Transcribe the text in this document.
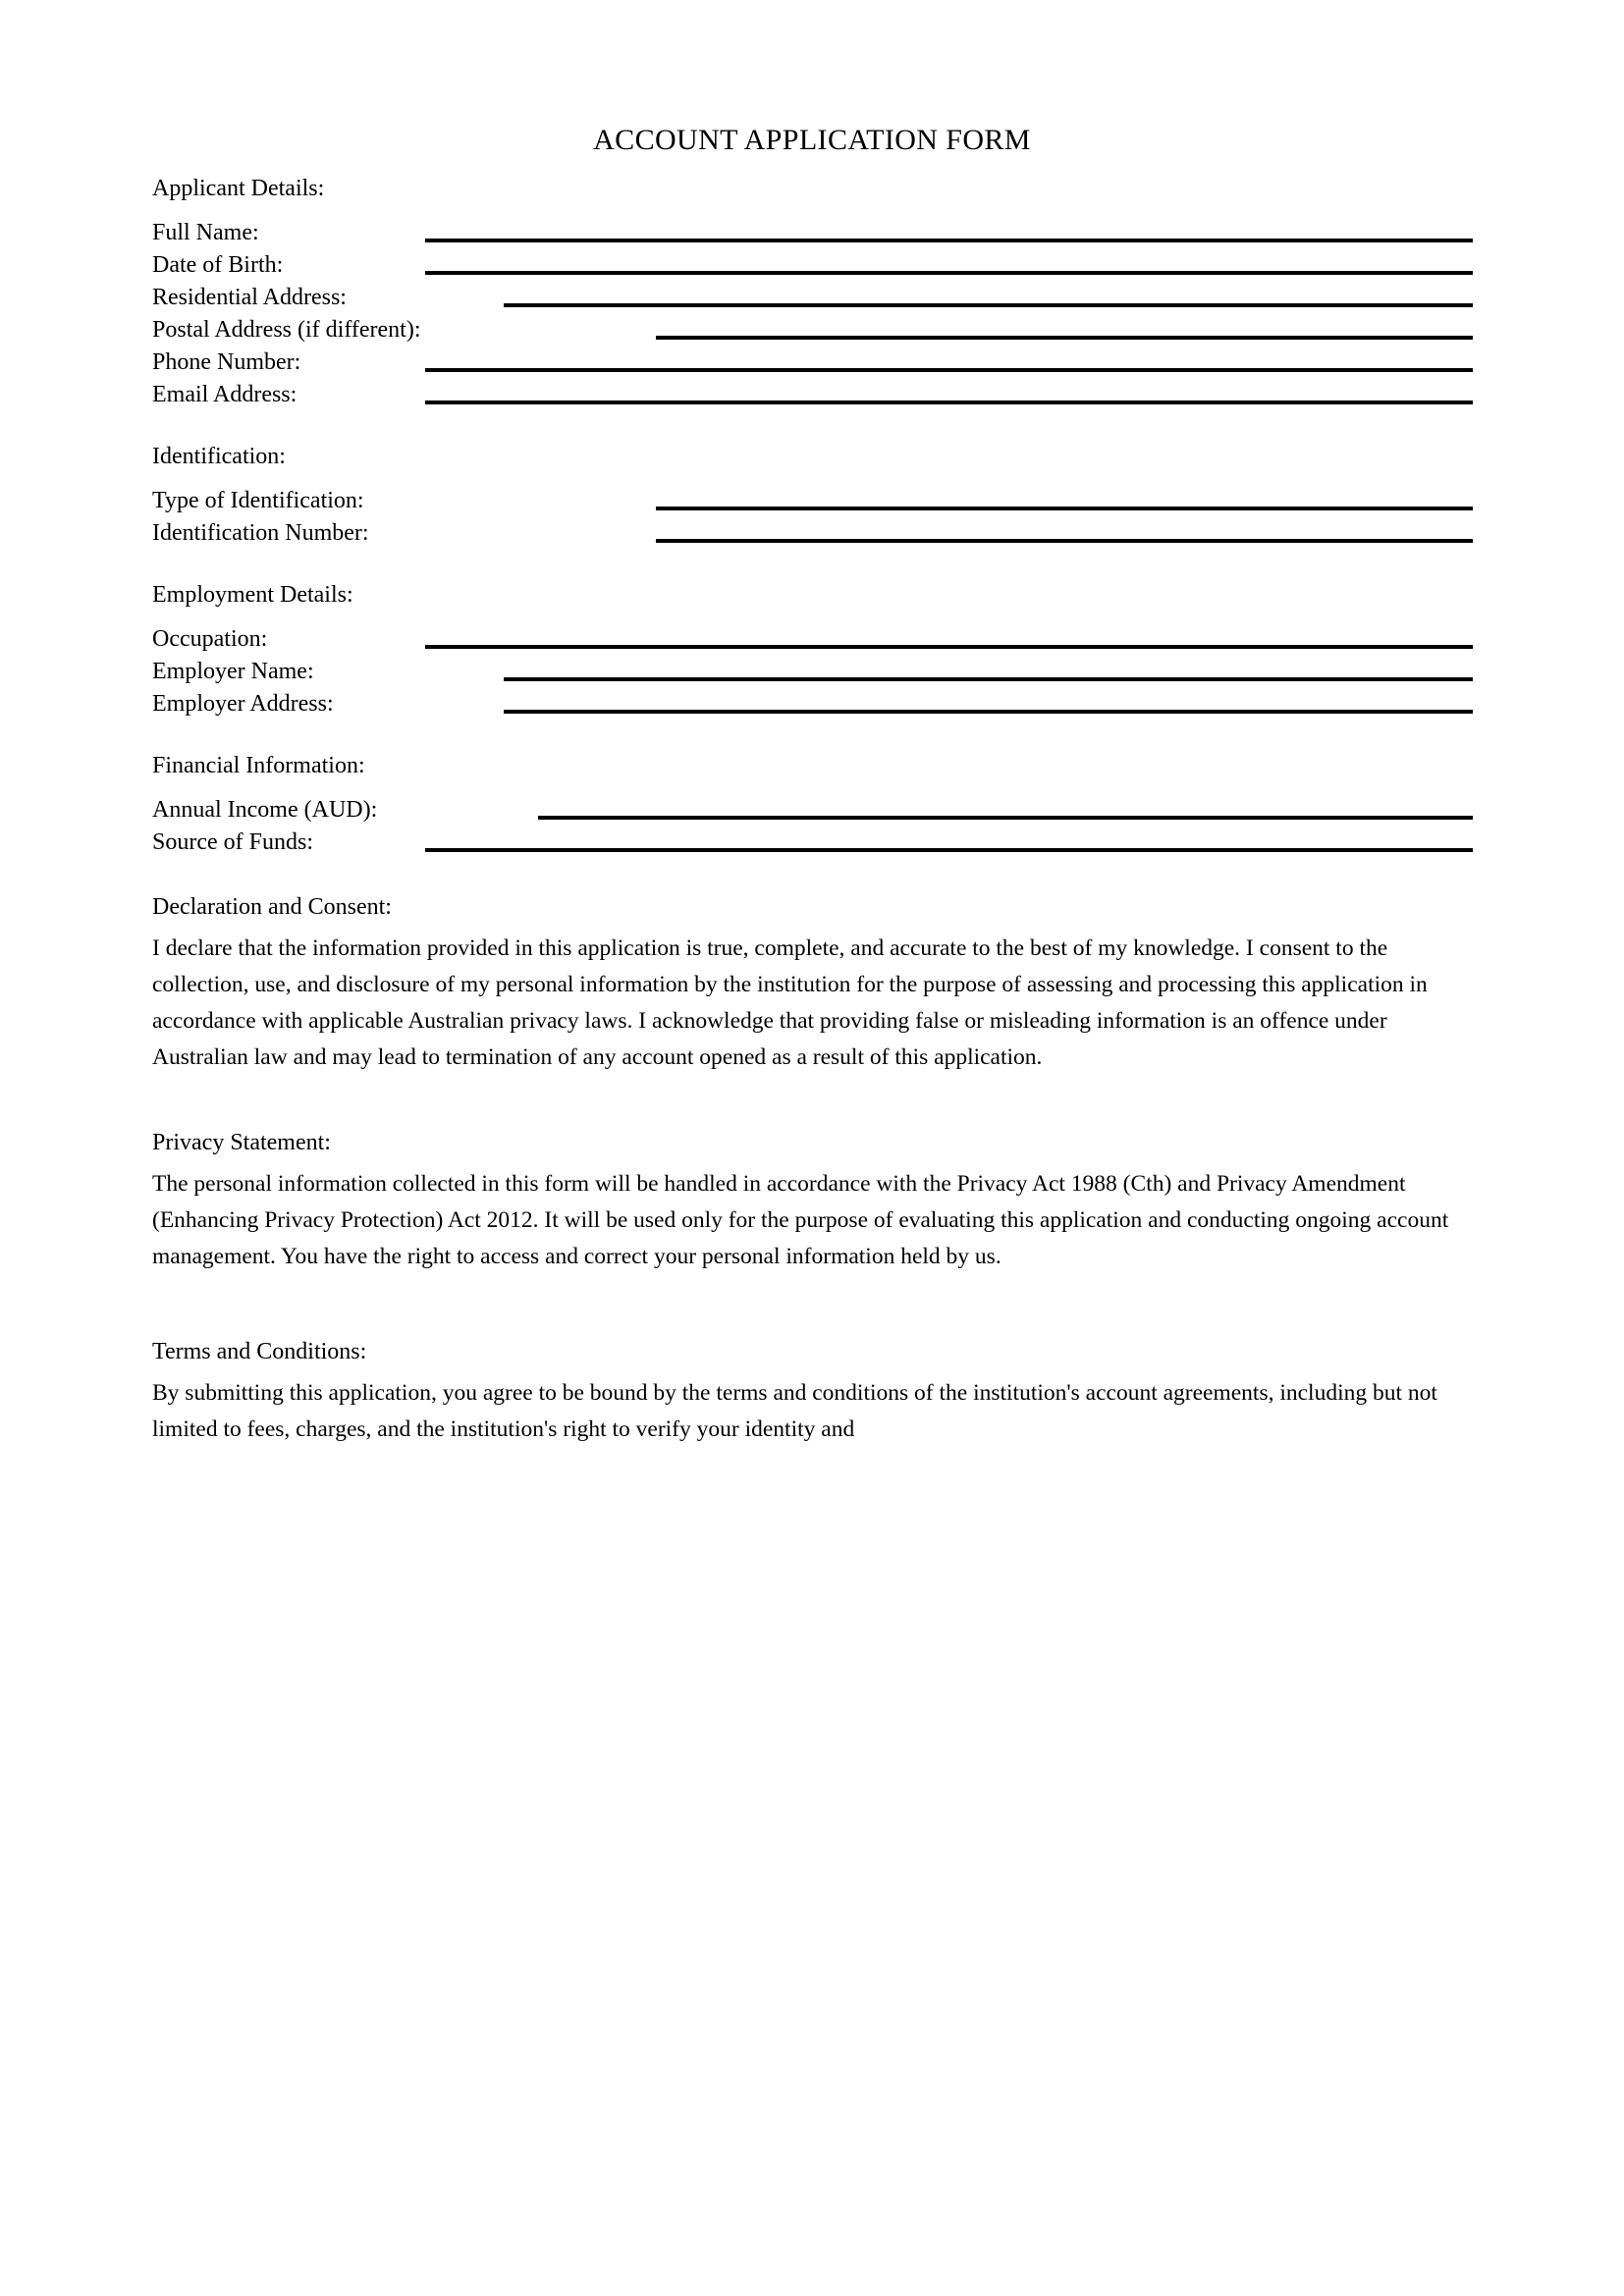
ACCOUNT APPLICATION FORM
Applicant Details:
Full Name:
Date of Birth:
Residential Address:
Postal Address (if different):
Phone Number:
Email Address:
Identification:
Type of Identification:
Identification Number:
Employment Details:
Occupation:
Employer Name:
Employer Address:
Financial Information:
Annual Income (AUD):
Source of Funds:
Declaration and Consent:

I declare that the information provided in this application is true, complete, and accurate to the best of my knowledge. I consent to the collection, use, and disclosure of my personal information by the institution for the purpose of assessing and processing this application in accordance with applicable Australian privacy laws. I acknowledge that providing false or misleading information is an offence under Australian law and may lead to termination of any account opened as a result of this application.

Privacy Statement:

The personal information collected in this form will be handled in accordance with the Privacy Act 1988 (Cth) and Privacy Amendment (Enhancing Privacy Protection) Act 2012. It will be used only for the purpose of evaluating this application and conducting ongoing account management. You have the right to access and correct your personal information held by us.

Terms and Conditions:

By submitting this application, you agree to be bound by the terms and conditions of the institution's account agreements, including but not limited to fees, charges, and the institution's right to verify your identity and
